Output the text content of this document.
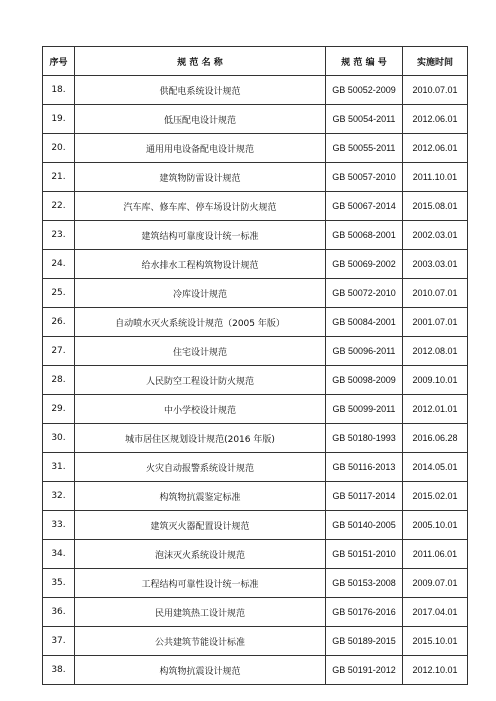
序号	规 范 名 称	规 范 编 号	实施时间
18.	供配电系统设计规范	GB 50052-2009	2010.07.01
19.	低压配电设计规范	GB 50054-2011	2012.06.01
20.	通用用电设备配电设计规范	GB 50055-2011	2012.06.01
21.	建筑物防雷设计规范	GB 50057-2010	2011.10.01
22.	汽车库、修车库、停车场设计防火规范	GB 50067-2014	2015.08.01
23.	建筑结构可靠度设计统一标准	GB 50068-2001	2002.03.01
24.	给水排水工程构筑物设计规范	GB 50069-2002	2003.03.01
25.	冷库设计规范	GB 50072-2010	2010.07.01
26.	自动喷水灭火系统设计规范（2005 年版）	GB 50084-2001	2001.07.01
27.	住宅设计规范	GB 50096-2011	2012.08.01
28.	人民防空工程设计防火规范	GB 50098-2009	2009.10.01
29.	中小学校设计规范	GB 50099-2011	2012.01.01
30.	城市居住区规划设计规范(2016 年版)	GB 50180-1993	2016.06.28
31.	火灾自动报警系统设计规范	GB 50116-2013	2014.05.01
32.	构筑物抗震鉴定标准	GB 50117-2014	2015.02.01
33.	建筑灭火器配置设计规范	GB 50140-2005	2005.10.01
34.	泡沫灭火系统设计规范	GB 50151-2010	2011.06.01
35.	工程结构可靠性设计统一标准	GB 50153-2008	2009.07.01
36.	民用建筑热工设计规范	GB 50176-2016	2017.04.01
37.	公共建筑节能设计标准	GB 50189-2015	2015.10.01
38.	构筑物抗震设计规范	GB 50191-2012	2012.10.01
